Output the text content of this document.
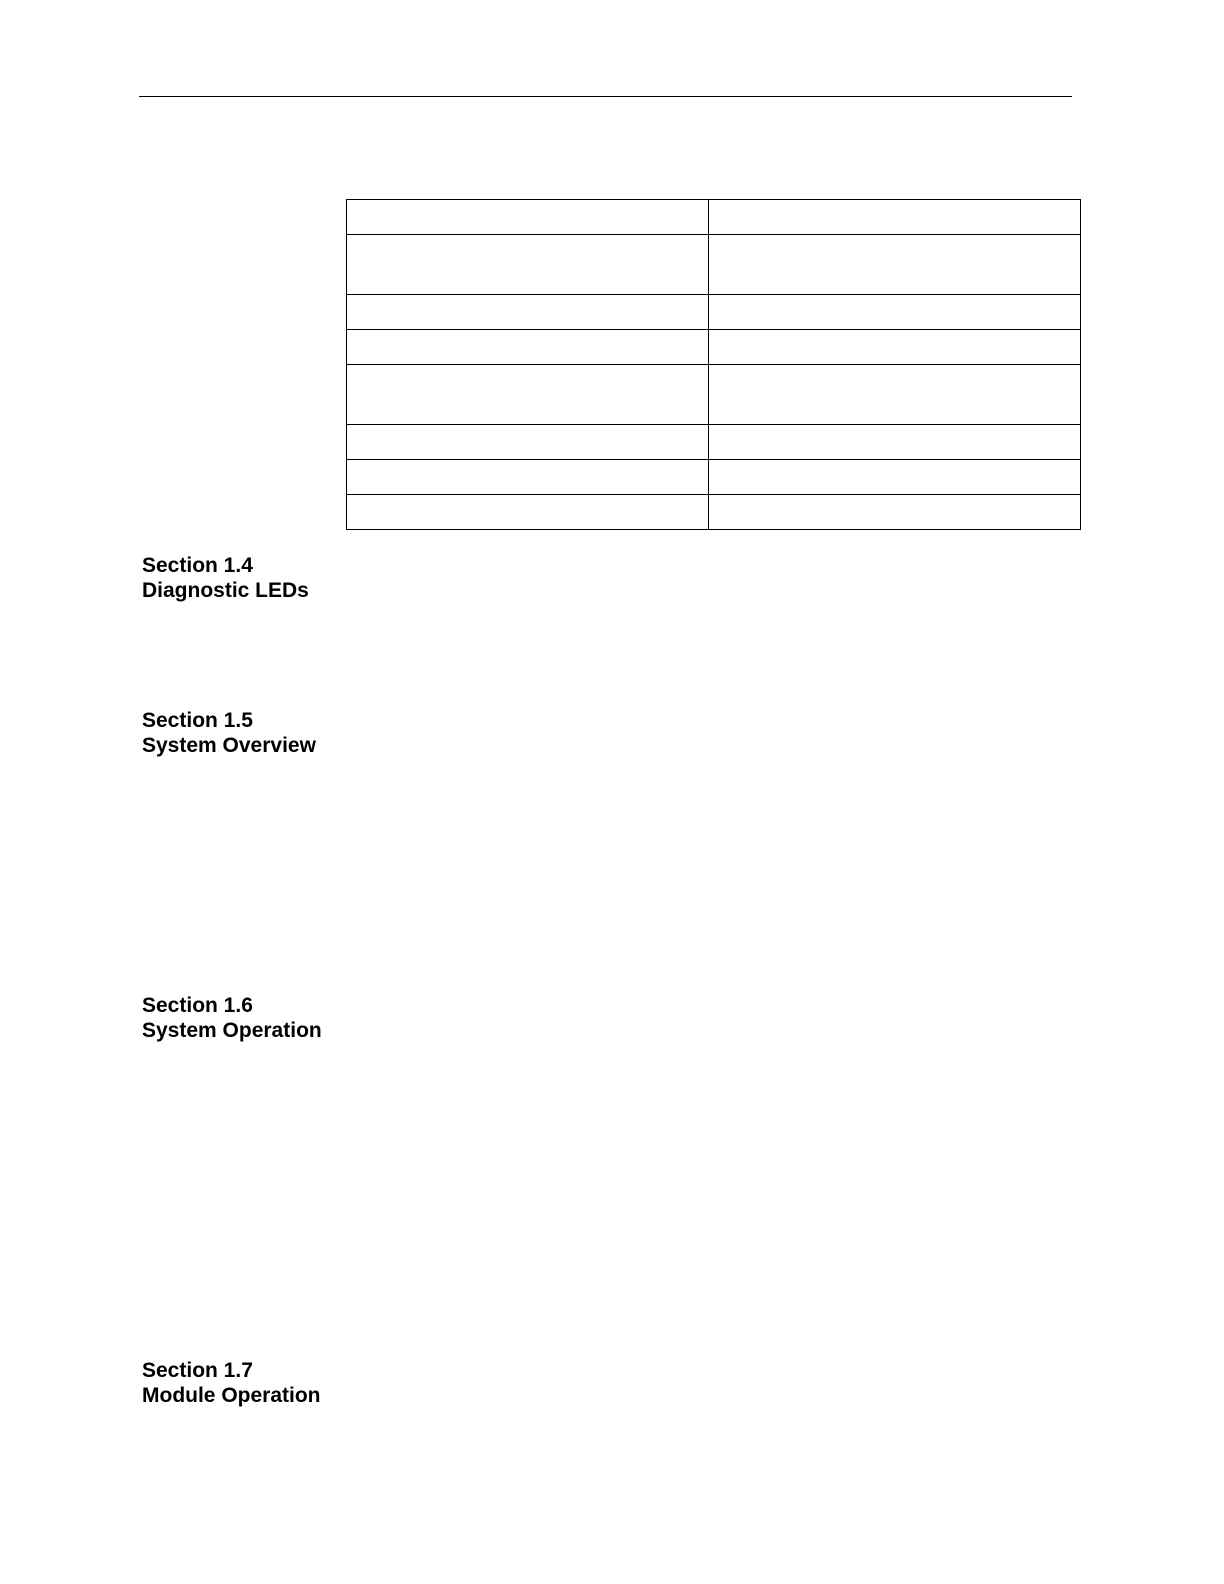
Section 1.4
Diagnostic LEDs
Section 1.5
System Overview
Section 1.6
System Operation
Section 1.7
Module Operation
